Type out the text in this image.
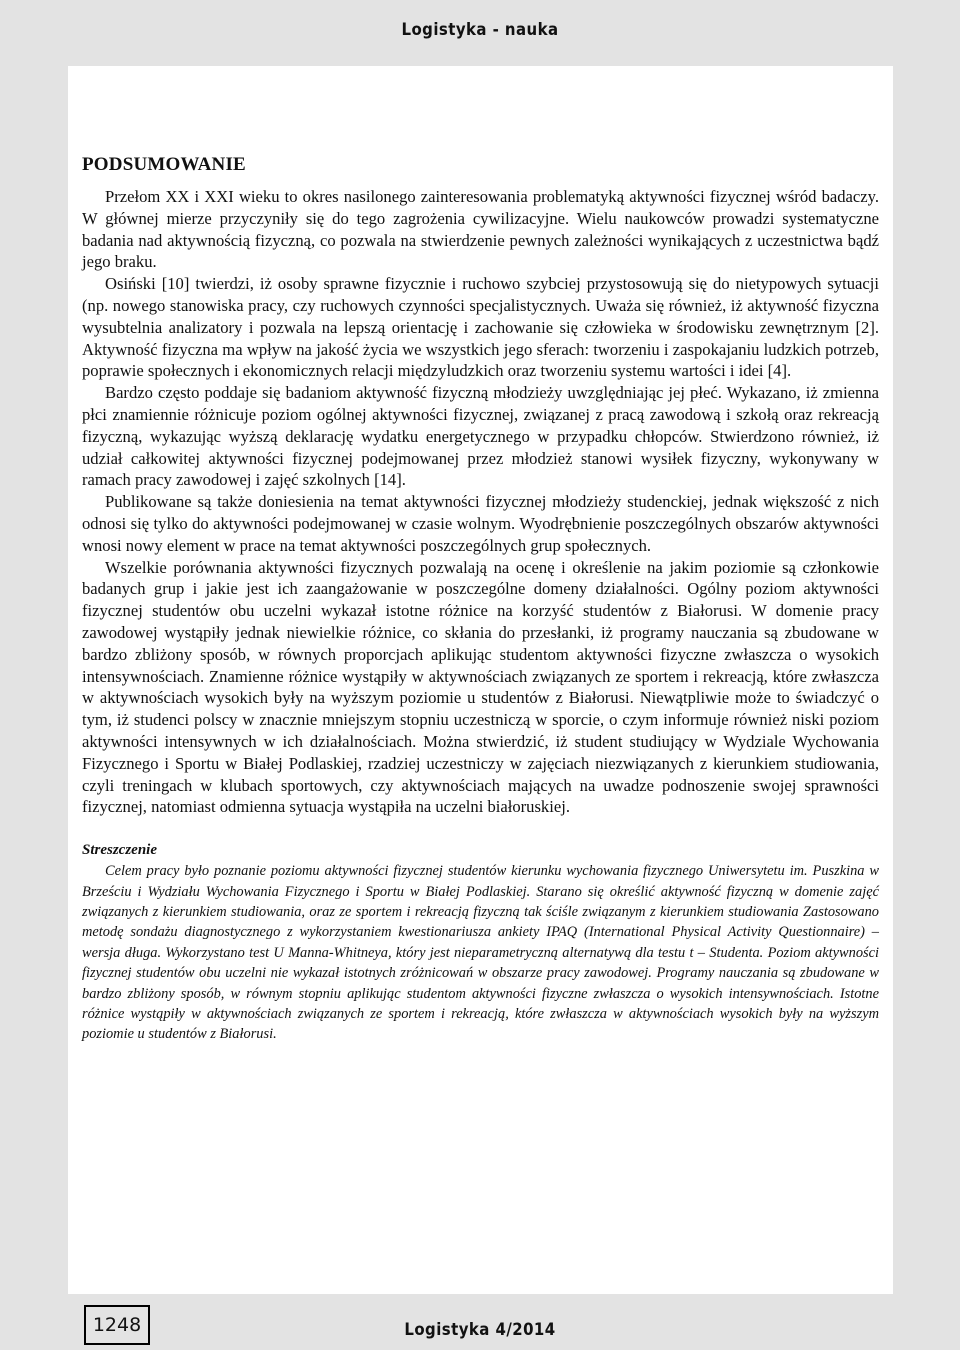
Logistyka - nauka
PODSUMOWANIE

Przełom XX i XXI wieku to okres nasilonego zainteresowania problematyką aktywności fizycznej wśród badaczy. W głównej mierze przyczyniły się do tego zagrożenia cywilizacyjne. Wielu naukowców prowadzi systematyczne badania nad aktywnością fizyczną, co pozwala na stwierdzenie pewnych zależności wynikających z uczestnictwa bądź jego braku.

Osiński [10] twierdzi, iż osoby sprawne fizycznie i ruchowo szybciej przystosowują się do nietypowych sytuacji (np. nowego stanowiska pracy, czy ruchowych czynności specjalistycznych. Uważa się również, iż aktywność fizyczna wysubtelnia analizatory i pozwala na lepszą orientację i zachowanie się człowieka w środowisku zewnętrznym [2]. Aktywność fizyczna ma wpływ na jakość życia we wszystkich jego sferach: tworzeniu i zaspokajaniu ludzkich potrzeb, poprawie społecznych i ekonomicznych relacji międzyludzkich oraz tworzeniu systemu wartości i idei [4].

Bardzo często poddaje się badaniom aktywność fizyczną młodzieży uwzględniając jej płeć. Wykazano, iż zmienna płci znamiennie różnicuje poziom ogólnej aktywności fizycznej, związanej z pracą zawodową i szkołą oraz rekreacją fizyczną, wykazując wyższą deklarację wydatku energetycznego w przypadku chłopców. Stwierdzono również, iż udział całkowitej aktywności fizycznej podejmowanej przez młodzież stanowi wysiłek fizyczny, wykonywany w ramach pracy zawodowej i zajęć szkolnych [14].

Publikowane są także doniesienia na temat aktywności fizycznej młodzieży studenckiej, jednak większość z nich odnosi się tylko do aktywności podejmowanej w czasie wolnym. Wyodrębnienie poszczególnych obszarów aktywności wnosi nowy element w prace na temat aktywności poszczególnych grup społecznych.

Wszelkie porównania aktywności fizycznych pozwalają na ocenę i określenie na jakim poziomie są członkowie badanych grup i jakie jest ich zaangażowanie w poszczególne domeny działalności. Ogólny poziom aktywności fizycznej studentów obu uczelni wykazał istotne różnice na korzyść studentów z Białorusi. W domenie pracy zawodowej wystąpiły jednak niewielkie różnice, co skłania do przesłanki, iż programy nauczania są zbudowane w bardzo zbliżony sposób, w równych proporcjach aplikując studentom aktywności fizyczne zwłaszcza o wysokich intensywnościach. Znamienne różnice wystąpiły w aktywnościach związanych ze sportem i rekreacją, które zwłaszcza w aktywnościach wysokich były na wyższym poziomie u studentów z Białorusi. Niewątpliwie może to świadczyć o tym, iż studenci polscy w znacznie mniejszym stopniu uczestniczą w sporcie, o czym informuje również niski poziom aktywności intensywnych w ich działalnościach. Można stwierdzić, iż student studiujący w Wydziale Wychowania Fizycznego i Sportu w Białej Podlaskiej, rzadziej uczestniczy w zajęciach niezwiązanych z kierunkiem studiowania, czyli treningach w klubach sportowych, czy aktywnościach mających na uwadze podnoszenie swojej sprawności fizycznej, natomiast odmienna sytuacja wystąpiła na uczelni białoruskiej.

Streszczenie

Celem pracy było poznanie poziomu aktywności fizycznej studentów kierunku wychowania fizycznego Uniwersytetu im. Puszkina w Brześciu i Wydziału Wychowania Fizycznego i Sportu w Białej Podlaskiej. Starano się określić aktywność fizyczną w domenie zajęć związanych z kierunkiem studiowania, oraz ze sportem i rekreacją fizyczną tak ściśle związanym z kierunkiem studiowania Zastosowano metodę sondażu diagnostycznego z wykorzystaniem kwestionariusza ankiety IPAQ (International Physical Activity Questionnaire) – wersja długa. Wykorzystano test U Manna-Whitneya, który jest nieparametryczną alternatywą dla testu t – Studenta. Poziom aktywności fizycznej studentów obu uczelni nie wykazał istotnych zróżnicowań w obszarze pracy zawodowej. Programy nauczania są zbudowane w bardzo zbliżony sposób, w równym stopniu aplikując studentom aktywności fizyczne zwłaszcza o wysokich intensywnościach. Istotne różnice wystąpiły w aktywnościach związanych ze sportem i rekreacją, które zwłaszcza w aktywnościach wysokich były na wyższym poziomie u studentów z Białorusi.

1248	Logistyka 4/2014
